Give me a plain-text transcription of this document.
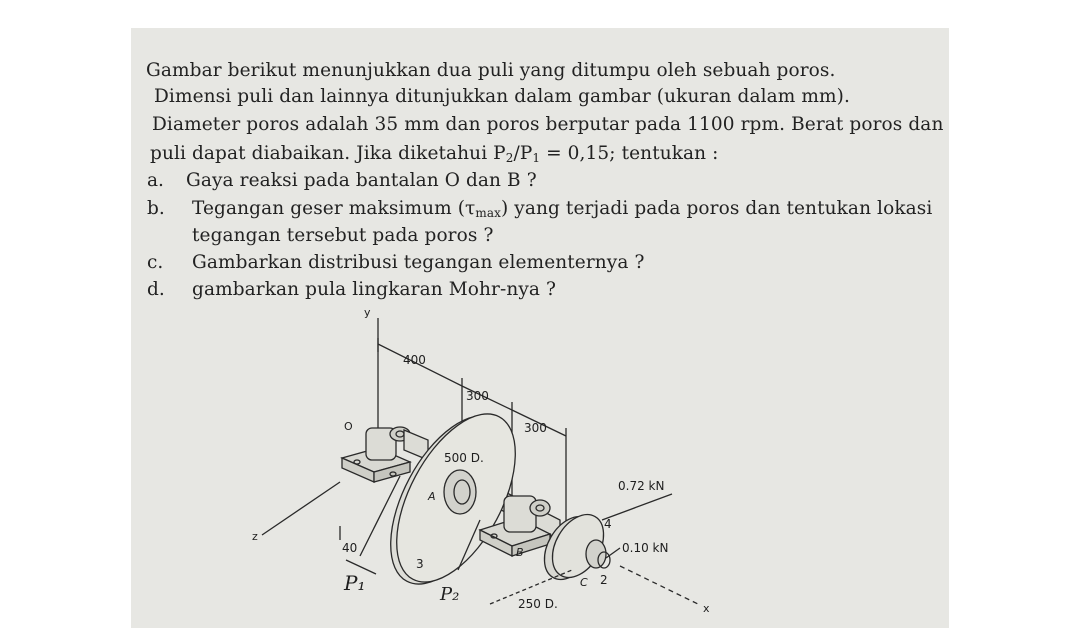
Gambar berikut menunjukkan dua puli yang ditumpu oleh sebuah poros.
Dimensi puli dan lainnya ditunjukkan dalam gambar (ukuran dalam mm).
Diameter poros adalah 35 mm dan poros berputar pada 1100 rpm. Berat poros dan
puli dapat diabaikan. Jika diketahui $P_2/P_1 = 0,15$; tentukan :
a. Gaya reaksi pada bantalan O dan B ?
b. Tegangan geser maksimum $(\tau_{max})$ yang terjadi pada poros dan tentukan lokasi
tegangan tersebut pada poros ?
c. Gambarkan distribusi tegangan elementernya ?
d. gambarkan pula lingkaran Mohr-nya ?
y
z
x
400
300
300
500 D.
250 D.
0.72 kN
0.10 kN
O
A
B
C
40
3
4
2
P₁	P₂
